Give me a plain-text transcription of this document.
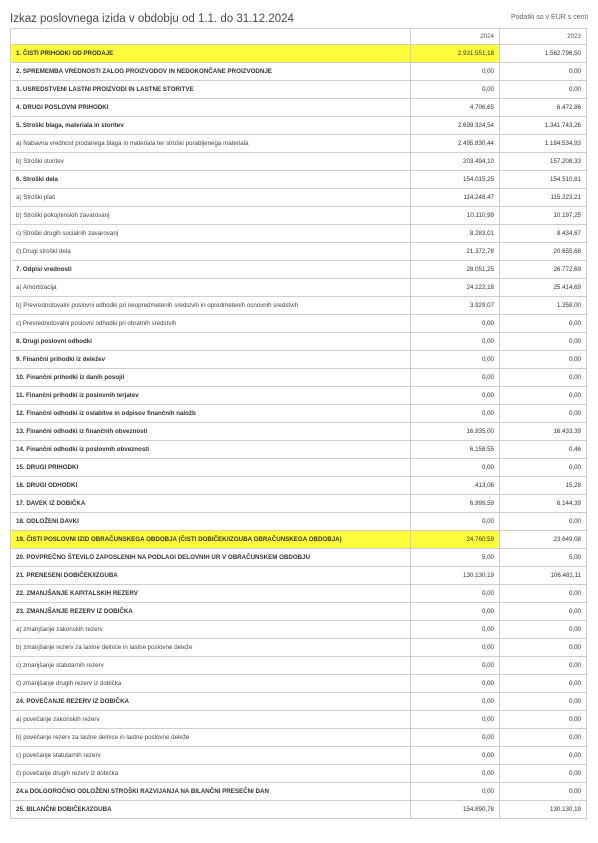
Izkaz poslovnega izida v obdobju od 1.1. do 31.12.2024	Podatki so v EUR s centi
	2024	2023
1. ČISTI PRIHODKI OD PRODAJE	2.931.551,18	1.562.796,50
2. SPREMEMBA VREDNOSTI ZALOG PROIZVODOV IN NEDOKONČANE PROIZVODNJE	0,00	0,00
3. USREDSTVENI LASTNI PROIZVODI IN LASTNE STORITVE	0,00	0,00
4. DRUGI POSLOVNI PRIHODKI	4.706,65	6.472,86
5. Stroški blaga, materiala in storitev	2.699.324,54	1.341.743,26
a) Nabavna vrednost prodanega blaga in materiala ter stroški porabljenega materiala	2.495.830,44	1.184.534,93
b) Stroški storitev	203.494,10	157.208,33
6. Stroški dela	154.015,25	154.510,81
a) Stroški plač	114.248,47	115.223,21
b) Stroški pokojninskih zavarovanj	10.110,99	10.197,25
c) Stroški drugih socialnih zavarovanj	8.283,01	8.434,67
č) Drugi stroški dela	21.372,78	20.655,68
7. Odpisi vrednosti	28.051,25	26.772,69
a) Amortizacija	24.122,18	25.414,69
b) Prevrednotovalni poslovni odhodki pri neopredmetenih sredstvih in opredmetenih osnovnih sredstvih	3.929,07	1.358,00
c) Prevrednotovalni poslovni odhodki pri obratnih sredstvih	0,00	0,00
8. Drugi poslovni odhodki	0,00	0,00
9. Finančni prihodki iz deležev	0,00	0,00
10. Finančni prihodki iz danih posojil	0,00	0,00
11. Finančni prihodki iz poslovnih terjatev	0,00	0,00
12. Finančni odhodki iz oslabitve in odpisov finančnih naložb	0,00	0,00
13. Finančni odhodki iz finančnih obveznosti	16.935,00	16.433,39
14. Finančni odhodki iz poslovnih obveznosti	6.158,55	0,46
15. DRUGI PRIHODKI	0,00	0,00
16. DRUGI ODHODKI	413,06	15,28
17. DAVEK IZ DOBIČKA	6.999,59	6.144,39
18. ODLOŽENI DAVKI	0,00	0,00
19. ČISTI POSLOVNI IZID OBRAČUNSKEGA OBDOBJA (ČISTI DOBIČEK/IZGUBA OBRAČUNSKEGA OBDOBJA)	24.760,59	23.649,08
20. POVPREČNO ŠTEVILO ZAPOSLENIH NA PODLAGI DELOVNIH UR V OBRAČUNSKEM OBDOBJU	5,00	5,00
21. PRENESENI DOBIČEK/IZGUBA	130.130,19	106.481,11
22. ZMANJŠANJE KAPITALSKIH REZERV	0,00	0,00
23. ZMANJŠANJE REZERV IZ DOBIČKA	0,00	0,00
a) zmanjšanje zakonskih rezerv	0,00	0,00
b) zmanjšanje rezerv za lastne delnice in lastne poslovne deleže	0,00	0,00
c) zmanjšanje statutarnih rezerv	0,00	0,00
č) zmanjšanje drugih rezerv iz dobička	0,00	0,00
24. POVEČANJE REZERV IZ DOBIČKA	0,00	0,00
a) povečanje zakonskih rezerv	0,00	0,00
b) povečanje rezerv za lastne delnice in lastne poslovne deleže	0,00	0,00
c) povečanje statutarnih rezerv	0,00	0,00
č) povečanje drugih rezerv iz dobička	0,00	0,00
24.a DOLGOROČNO ODLOŽENI STROŠKI RAZVIJANJA NA BILANČNI PRESEČNI DAN	0,00	0,00
25. BILANČNI DOBIČEK/IZGUBA	154.890,78	130.130,19
